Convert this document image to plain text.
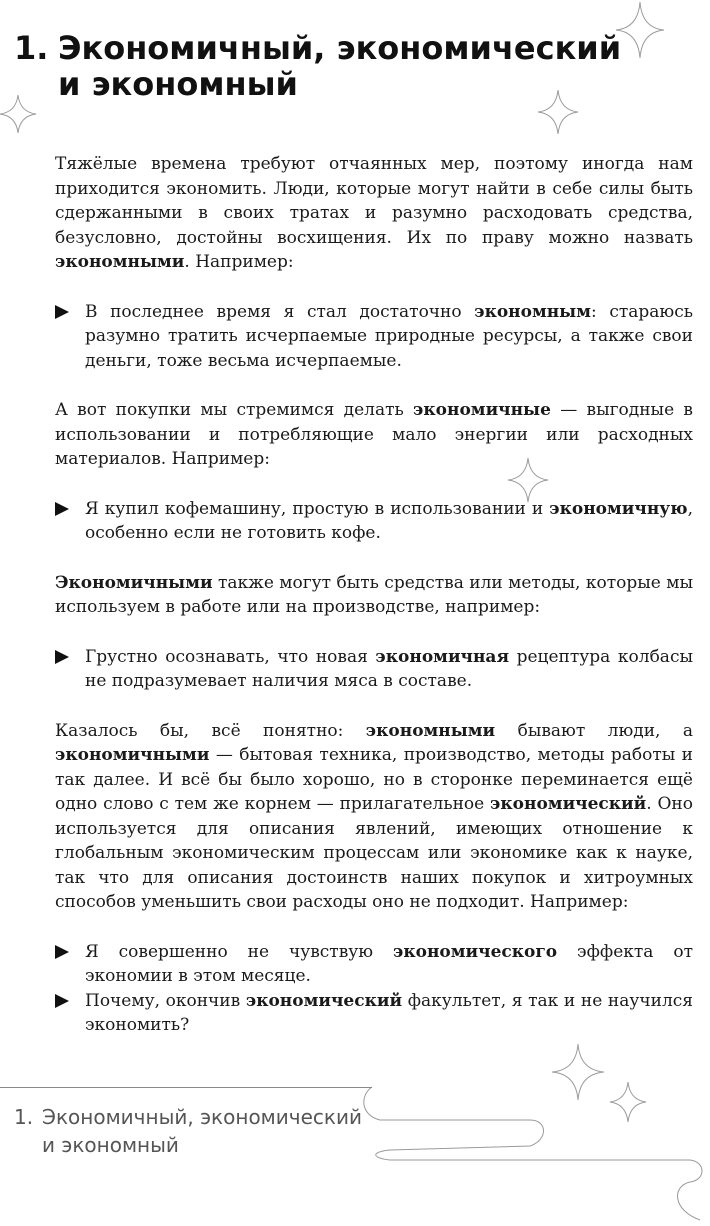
1. Экономичный, экономический
и экономный

Тяжёлые времена требуют отчаянных мер, поэтому иногда нам приходится экономить. Люди, которые могут найти в себе силы быть сдержанными в своих тратах и разумно расходовать средства, безусловно, достойны восхищения. Их по праву можно назвать экономными. Например:

В последнее время я стал достаточно экономным: стараюсь разумно тратить исчерпаемые природные ресурсы, а также свои деньги, тоже весьма исчерпаемые.

А вот покупки мы стремимся делать экономичные — выгодные в использовании и потребляющие мало энергии или расходных материалов. Например:

Я купил кофемашину, простую в использовании и экономичную, особенно если не готовить кофе.

Экономичными также могут быть средства или методы, которые мы используем в работе или на производстве, например:

Грустно осознавать, что новая экономичная рецептура колбасы не подразумевает наличия мяса в составе.

Казалось бы, всё понятно: экономными бывают люди, а экономичными — бытовая техника, производство, методы работы и так далее. И всё бы было хорошо, но в сторонке переминается ещё одно слово с тем же корнем — прилагательное экономический. Оно используется для описания явлений, имеющих отношение к глобальным экономическим процессам или экономике как к науке, так что для описания достоинств наших покупок и хитроумных способов уменьшить свои расходы оно не подходит. Например:

Я совершенно не чувствую экономического эффекта от экономии в этом месяце.
Почему, окончив экономический факультет, я так и не научился экономить?
1. Экономичный, экономический
и экономный
